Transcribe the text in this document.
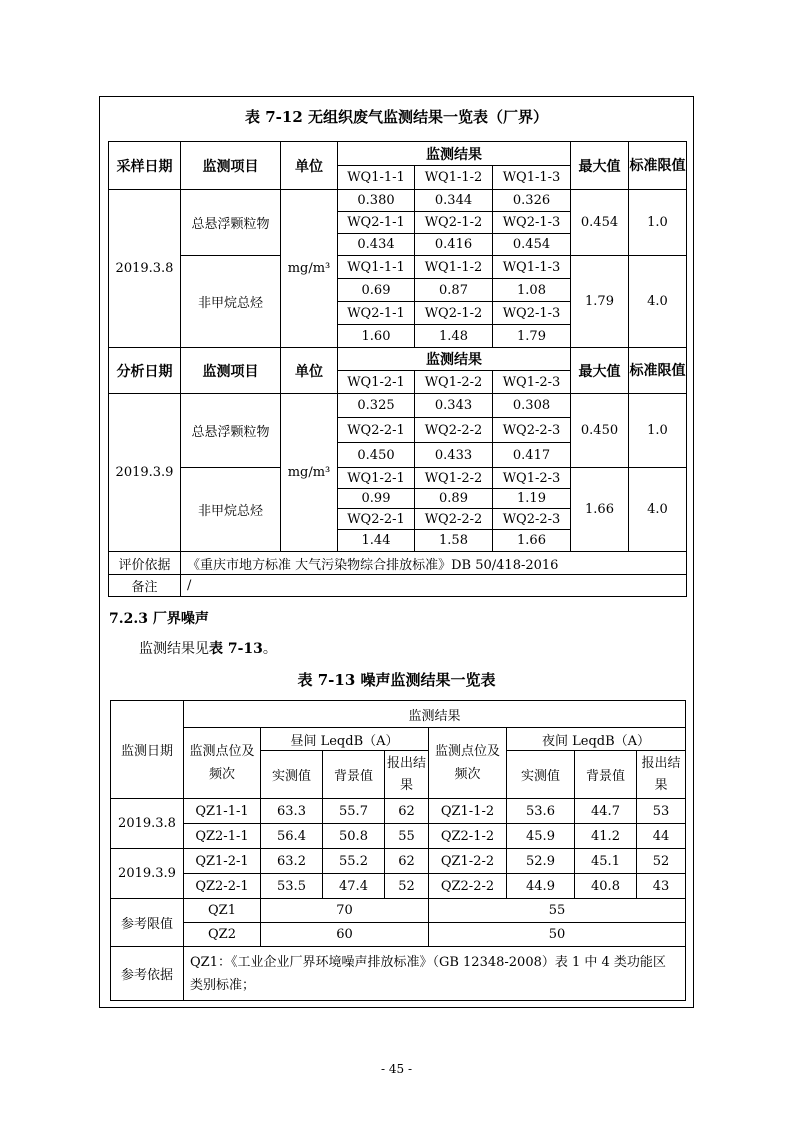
表 7-12 无组织废气监测结果一览表（厂界）
采样日期	监测项目	单位	监测结果			最大值	标准限值
			WQ1-1-1	WQ1-1-2	WQ1-1-3		
2019.3.8	总悬浮颗粒物	mg/m³	0.380	0.344	0.326	0.454	1.0
			WQ2-1-1	WQ2-1-2	WQ2-1-3		
			0.434	0.416	0.454		
	非甲烷总烃		WQ1-1-1	WQ1-1-2	WQ1-1-3	1.79	4.0
			0.69	0.87	1.08		
			WQ2-1-1	WQ2-1-2	WQ2-1-3		
			1.60	1.48	1.79		
分析日期	监测项目	单位	监测结果			最大值	标准限值
			WQ1-2-1	WQ1-2-2	WQ1-2-3		
2019.3.9	总悬浮颗粒物	mg/m³	0.325	0.343	0.308	0.450	1.0
			WQ2-2-1	WQ2-2-2	WQ2-2-3		
			0.450	0.433	0.417		
	非甲烷总烃		WQ1-2-1	WQ1-2-2	WQ1-2-3	1.66	4.0
			0.99	0.89	1.19		
			WQ2-2-1	WQ2-2-2	WQ2-2-3		
			1.44	1.58	1.66		
评价依据	《重庆市地方标准 大气污染物综合排放标准》DB 50/418-2016						
备注	/						
7.2.3 厂界噪声
监测结果见表 7-13。
表 7-13 噪声监测结果一览表
监测日期	监测结果							
	监测点位及频次	昼间 LeqdB（A）			监测点位及频次	夜间 LeqdB（A）		
		实测值	背景值	报出结果		实测值	背景值	报出结果
2019.3.8	QZ1-1-1	63.3	55.7	62	QZ1-1-2	53.6	44.7	53
	QZ2-1-1	56.4	50.8	55	QZ2-1-2	45.9	41.2	44
2019.3.9	QZ1-2-1	63.2	55.2	62	QZ1-2-2	52.9	45.1	52
	QZ2-2-1	53.5	47.4	52	QZ2-2-2	44.9	40.8	43
参考限值	QZ1	70			55			
	QZ2	60			50			
参考依据	QZ1：《工业企业厂界环境噪声排放标准》（GB 12348-2008）表 1 中 4 类功能区类别标准；							
- 45 -
